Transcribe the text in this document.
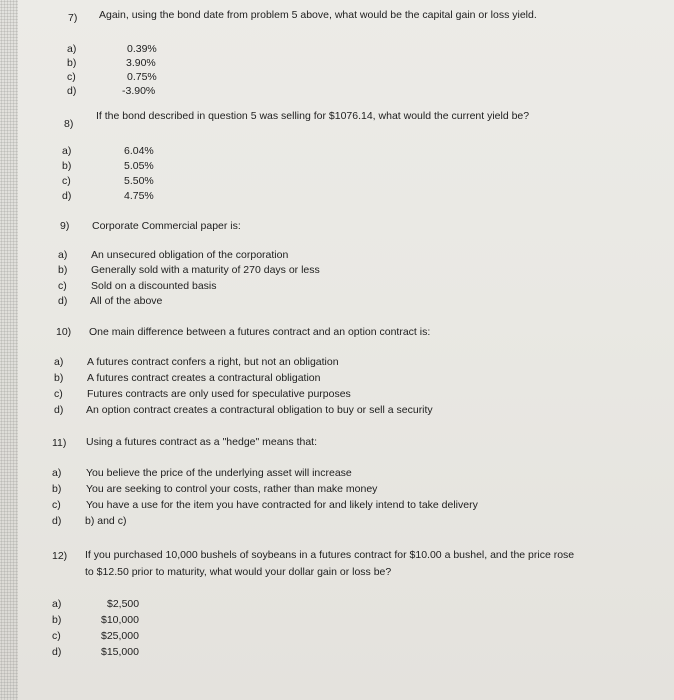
7) Again, using the bond date from problem 5 above, what would be the capital gain or loss yield.
a)	0.39%
b)	3.90%
c)	0.75%
d)	-3.90%
8)
If the bond described in question 5 was selling for $1076.14, what would the current yield be?
a)	6.04%
b)	5.05%
c)	5.50%
d)	4.75%
9) Corporate Commercial paper is:
a) An unsecured obligation of the corporation
b) Generally sold with a maturity of 270 days or less
c) Sold on a discounted basis
d) All of the above
10) One main difference between a futures contract and an option contract is:
a) A futures contract confers a right, but not an obligation
b) A futures contract creates a contractural obligation
c) Futures contracts are only used for speculative purposes
d) An option contract creates a contractural obligation to buy or sell a security
11) Using a futures contract as a "hedge" means that:
a) You believe the price of the underlying asset will increase
b) You are seeking to control your costs, rather than make money
c) You have a use for the item you have contracted for and likely intend to take delivery
d) b) and c)
12) If you purchased 10,000 bushels of soybeans in a futures contract for $10.00 a bushel, and the price rose
to $12.50 prior to maturity, what would your dollar gain or loss be?
a)	$2,500
b)	$10,000
c)	$25,000
d)	$15,000
